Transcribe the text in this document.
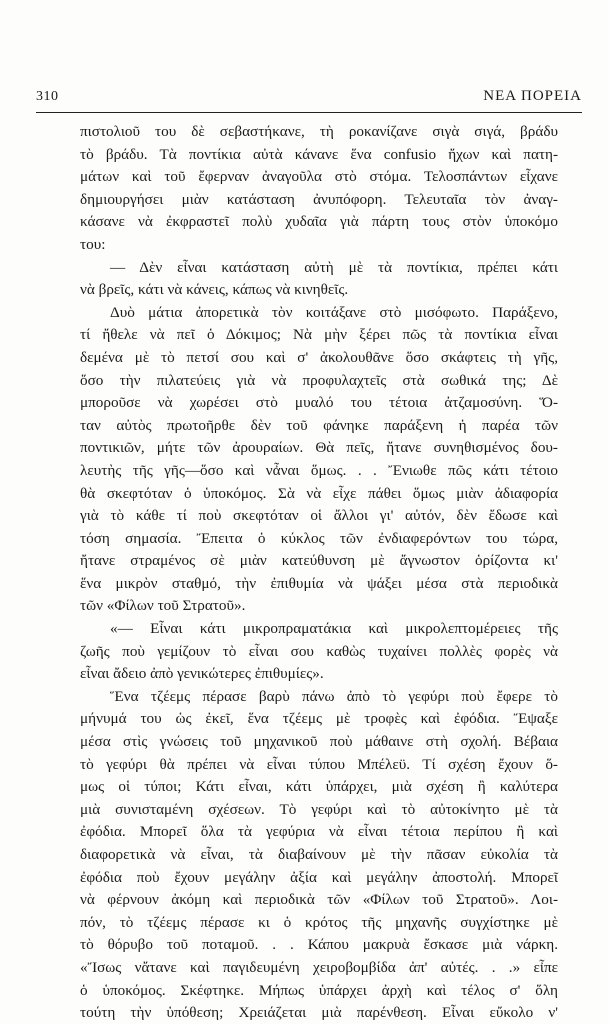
310	ΝΕΑ ΠΟΡΕΙΑ
πιστολιοῦ του δὲ σεβαστήκανε, τὴ ροκανίζανε σιγὰ σιγά, βράδυ
τὸ βράδυ. Τὰ ποντίκια αὐτὰ κάνανε ἕνα confusio ἤχων καὶ πατη-
μάτων καὶ τοῦ ἔφερναν ἀναγοῦλα στὸ στόμα. Τελοσπάντων εἶχανε
δημιουργήσει μιὰν κατάσταση ἀνυπόφορη. Τελευταῖα τὸν ἀναγ-
κάσανε νὰ ἐκφραστεῖ πολὺ χυδαῖα γιὰ πάρτη τους στὸν ὑποκόμο
του:
— Δὲν εἶναι κατάσταση αὐτὴ μὲ τὰ ποντίκια, πρέπει κάτι
νὰ βρεῖς, κάτι νὰ κάνεις, κάπως νὰ κινηθεῖς.
Δυὸ μάτια ἀπορετικὰ τὸν κοιτάξανε στὸ μισόφωτο. Παράξενο,
τί ἤθελε νὰ πεῖ ὁ Δόκιμος; Νὰ μὴν ξέρει πῶς τὰ ποντίκια εἶναι
δεμένα μὲ τὸ πετσί σου καὶ σ' ἀκολουθᾶνε ὅσο σκάφτεις τὴ γῆς,
ὅσο τὴν πιλατεύεις γιὰ νὰ προφυλαχτεῖς στὰ σωθικά της; Δὲ
μποροῦσε νὰ χωρέσει στὸ μυαλό του τέτοια ἀτζαμοσύνη. Ὅ-
ταν αὐτὸς πρωτοῆρθε δὲν τοῦ φάνηκε παράξενη ἡ παρέα τῶν
ποντικιῶν, μήτε τῶν ἀρουραίων. Θὰ πεῖς, ἤτανε συνηθισμένος δου-
λευτὴς τῆς γῆς—ὅσο καὶ νἆναι ὅμως. . . Ἔνιωθε πῶς κάτι τέτοιο
θὰ σκεφτόταν ὁ ὑποκόμος. Σὰ νὰ εἶχε πάθει ὅμως μιὰν ἀδιαφορία
γιὰ τὸ κάθε τί ποὺ σκεφτόταν οἱ ἄλλοι γι' αὐτόν, δὲν ἔδωσε καὶ
τόση σημασία. Ἔπειτα ὁ κύκλος τῶν ἐνδιαφερόντων του τώρα,
ἤτανε στραμένος σὲ μιὰν κατεύθυνση μὲ ἄγνωστον ὁρίζοντα κι'
ἕνα μικρὸν σταθμό, τὴν ἐπιθυμία νὰ ψάξει μέσα στὰ περιοδικὰ
τῶν «Φίλων τοῦ Στρατοῦ».
«— Εἶναι κάτι μικροπραματάκια καὶ μικρολεπτομέρειες τῆς
ζωῆς ποὺ γεμίζουν τὸ εἶναι σου καθὼς τυχαίνει πολλὲς φορὲς νὰ
εἶναι ἄδειο ἀπὸ γενικώτερες ἐπιθυμίες».
Ἕνα τζέεμς πέρασε βαρὺ πάνω ἀπὸ τὸ γεφύρι ποὺ ἔφερε τὸ
μήνυμά του ὡς ἐκεῖ, ἕνα τζέεμς μὲ τροφὲς καὶ ἐφόδια. Ἔψαξε
μέσα στὶς γνώσεις τοῦ μηχανικοῦ ποὺ μάθαινε στὴ σχολή. Βέβαια
τὸ γεφύρι θὰ πρέπει νὰ εἶναι τύπου Μπέλεϋ. Τί σχέση ἔχουν ὅ-
μως οἱ τύποι; Κάτι εἶναι, κάτι ὑπάρχει, μιὰ σχέση ἢ καλύτερα
μιὰ συνισταμένη σχέσεων. Τὸ γεφύρι καὶ τὸ αὐτοκίνητο μὲ τὰ
ἐφόδια. Μπορεῖ ὅλα τὰ γεφύρια νὰ εἶναι τέτοια περίπου ἢ καὶ
διαφορετικὰ νὰ εἶναι, τὰ διαβαίνουν μὲ τὴν πᾶσαν εὐκολία τὰ
ἐφόδια ποὺ ἔχουν μεγάλην ἀξία καὶ μεγάλην ἀποστολή. Μπορεῖ
νὰ φέρνουν ἀκόμη καὶ περιοδικὰ τῶν «Φίλων τοῦ Στρατοῦ». Λοι-
πόν, τὸ τζέεμς πέρασε κι ὁ κρότος τῆς μηχανῆς συγχίστηκε μὲ
τὸ θόρυβο τοῦ ποταμοῦ. . . Κάπου μακρυὰ ἔσκασε μιὰ νάρκη.
«Ἴσως νἄτανε καὶ παγιδευμένη χειροβομβίδα ἀπ' αὐτές. . .» εἶπε
ὁ ὑποκόμος. Σκέφτηκε. Μήπως ὑπάρχει ἀρχὴ καὶ τέλος σ' ὅλη
τούτη τὴν ὑπόθεση; Χρειάζεται μιὰ παρένθεση. Εἶναι εὔκολο ν'
